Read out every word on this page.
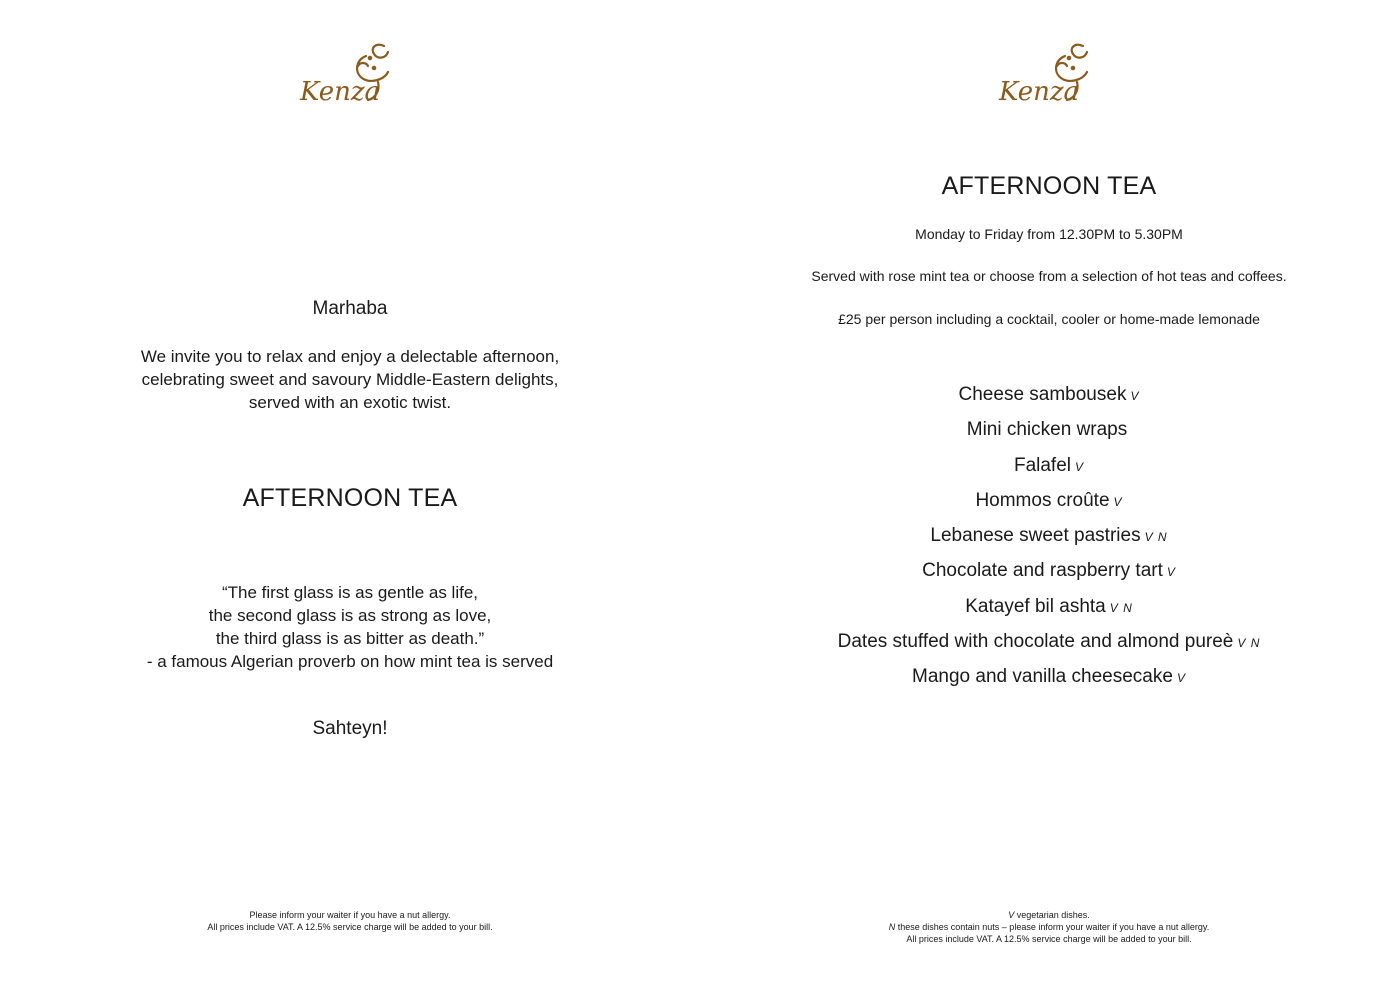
Kenza
Marhaba
We invite you to relax and enjoy a delectable afternoon,
celebrating sweet and savoury Middle-Eastern delights,
served with an exotic twist.
AFTERNOON TEA
“The first glass is as gentle as life,
the second glass is as strong as love,
the third glass is as bitter as death.”
- a famous Algerian proverb on how mint tea is served
Sahteyn!
Please inform your waiter if you have a nut allergy.
All prices include VAT. A 12.5% service charge will be added to your bill.
Kenza
AFTERNOON TEA
Monday to Friday from 12.30PM to 5.30PM
Served with rose mint tea or choose from a selection of hot teas and coffees.
£25 per person including a cocktail, cooler or home-made lemonade
Cheese sambousek V
Mini chicken wraps
Falafel V
Hommos croûte V
Lebanese sweet pastries V N
Chocolate and raspberry tart V
Katayef bil ashta V N
Dates stuffed with chocolate and almond pureè V N
Mango and vanilla cheesecake V
V vegetarian dishes.
N these dishes contain nuts – please inform your waiter if you have a nut allergy.
All prices include VAT. A 12.5% service charge will be added to your bill.
